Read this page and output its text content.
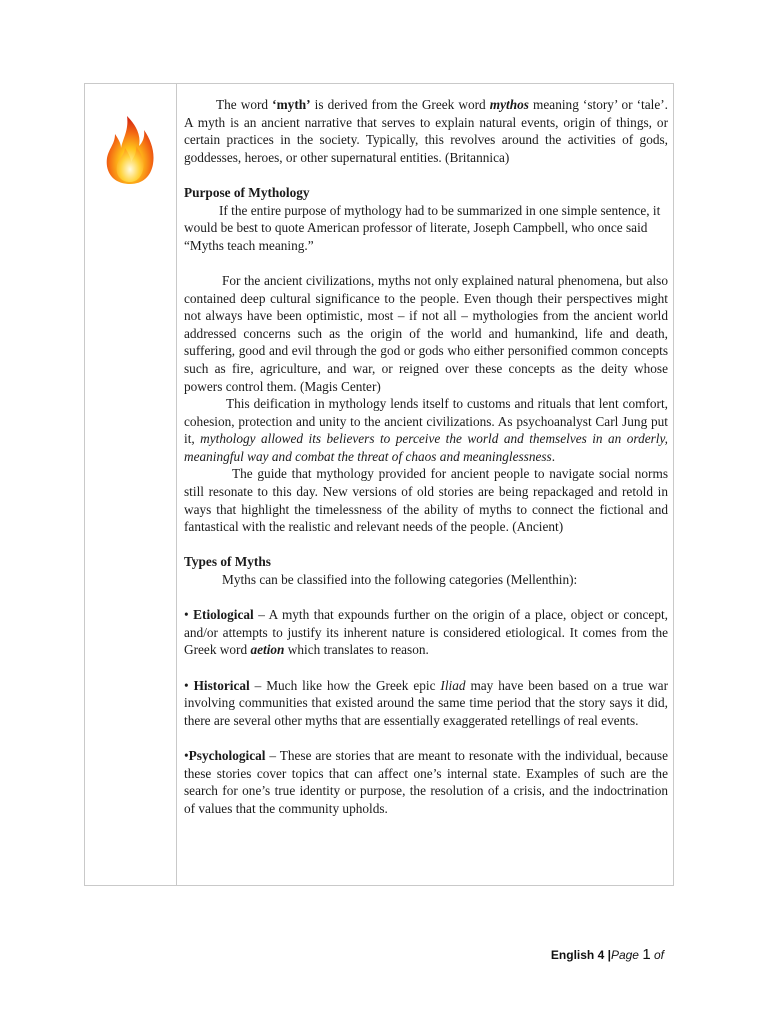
The word ‘myth’ is derived from the Greek word mythos meaning ‘story’ or ‘tale’. A myth is an ancient narrative that serves to explain natural events, origin of things, or certain practices in the society. Typically, this revolves around the activities of gods, goddesses, heroes, or other supernatural entities. (Britannica)

Purpose of Mythology

If the entire purpose of mythology had to be summarized in one simple sentence, it would be best to quote American professor of literate, Joseph Campbell, who once said “Myths teach meaning.”

For the ancient civilizations, myths not only explained natural phenomena, but also contained deep cultural significance to the people. Even though their perspectives might not always have been optimistic, most – if not all – mythologies from the ancient world addressed concerns such as the origin of the world and humankind, life and death, suffering, good and evil through the god or gods who either personified common concepts such as fire, agriculture, and war, or reigned over these concepts as the deity whose powers control them. (Magis Center)

This deification in mythology lends itself to customs and rituals that lent comfort, cohesion, protection and unity to the ancient civilizations. As psychoanalyst Carl Jung put it, mythology allowed its believers to perceive the world and themselves in an orderly, meaningful way and combat the threat of chaos and meaninglessness.

The guide that mythology provided for ancient people to navigate social norms still resonate to this day. New versions of old stories are being repackaged and retold in ways that highlight the timelessness of the ability of myths to connect the fictional and fantastical with the realistic and relevant needs of the people. (Ancient)

Types of Myths

Myths can be classified into the following categories (Mellenthin):

• Etiological – A myth that expounds further on the origin of a place, object or concept, and/or attempts to justify its inherent nature is considered etiological. It comes from the Greek word aetion which translates to reason.

• Historical – Much like how the Greek epic Iliad may have been based on a true war involving communities that existed around the same time period that the story says it did, there are several other myths that are essentially exaggerated retellings of real events.

•Psychological – These are stories that are meant to resonate with the individual, because these stories cover topics that can affect one’s internal state. Examples of such are the search for one’s true identity or purpose, the resolution of a crisis, and the indoctrination of values that the community upholds.

English 4 |Page 1 of
